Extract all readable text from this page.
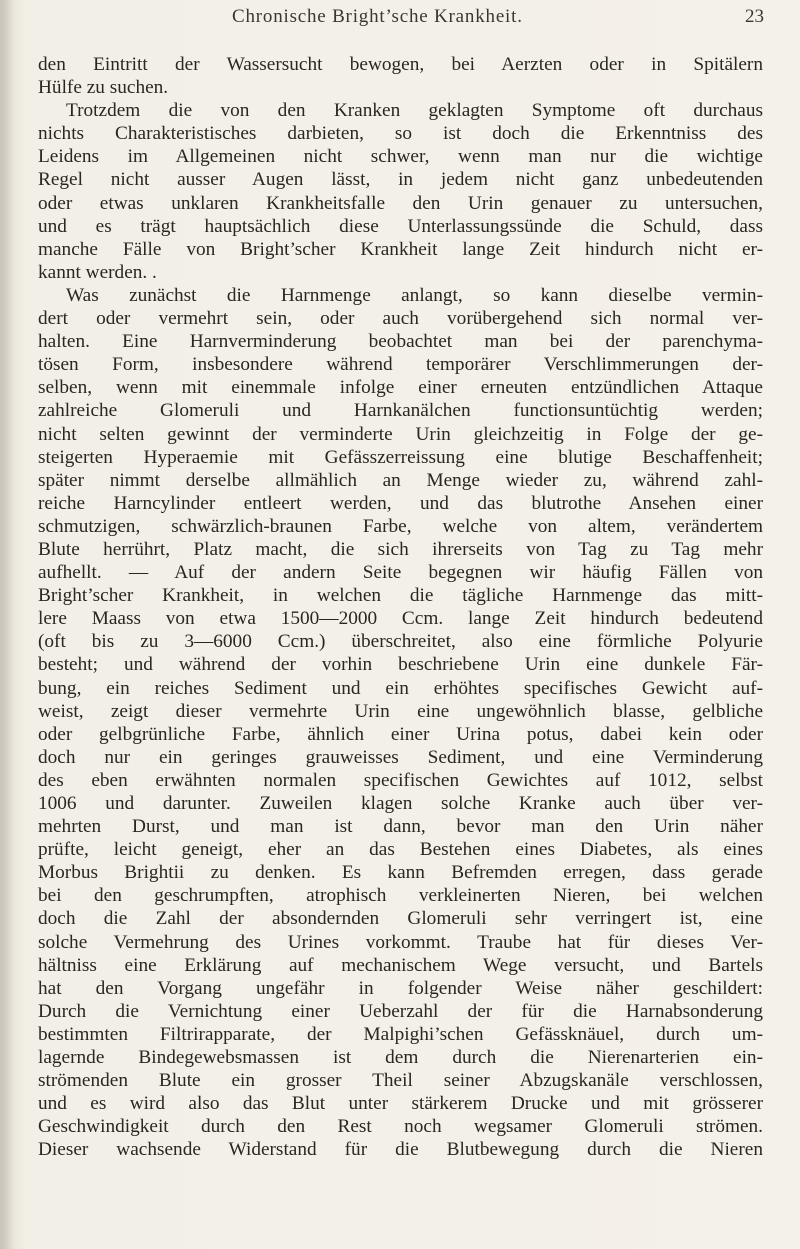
Chronische Bright’sche Krankheit.	23
den Eintritt der Wassersucht bewogen, bei Aerzten oder in Spitälern
Hülfe zu suchen.
Trotzdem die von den Kranken geklagten Symptome oft durchaus
nichts Charakteristisches darbieten, so ist doch die Erkenntniss des
Leidens im Allgemeinen nicht schwer, wenn man nur die wichtige
Regel nicht ausser Augen lässt, in jedem nicht ganz unbedeutenden
oder etwas unklaren Krankheitsfalle den Urin genauer zu untersuchen,
und es trägt hauptsächlich diese Unterlassungssünde die Schuld, dass
manche Fälle von Bright’scher Krankheit lange Zeit hindurch nicht er-
kannt werden. .
Was zunächst die Harnmenge anlangt, so kann dieselbe vermin-
dert oder vermehrt sein, oder auch vorübergehend sich normal ver-
halten. Eine Harnverminderung beobachtet man bei der parenchyma-
tösen Form, insbesondere während temporärer Verschlimmerungen der-
selben, wenn mit einemmale infolge einer erneuten entzündlichen Attaque
zahlreiche Glomeruli und Harnkanälchen functionsuntüchtig werden;
nicht selten gewinnt der verminderte Urin gleichzeitig in Folge der ge-
steigerten Hyperaemie mit Gefässzerreissung eine blutige Beschaffenheit;
später nimmt derselbe allmählich an Menge wieder zu, während zahl-
reiche Harncylinder entleert werden, und das blutrothe Ansehen einer
schmutzigen, schwärzlich-braunen Farbe, welche von altem, verändertem
Blute herrührt, Platz macht, die sich ihrerseits von Tag zu Tag mehr
aufhellt. — Auf der andern Seite begegnen wir häufig Fällen von
Bright’scher Krankheit, in welchen die tägliche Harnmenge das mitt-
lere Maass von etwa 1500—2000 Ccm. lange Zeit hindurch bedeutend
(oft bis zu 3—6000 Ccm.) überschreitet, also eine förmliche Polyurie
besteht; und während der vorhin beschriebene Urin eine dunkele Fär-
bung, ein reiches Sediment und ein erhöhtes specifisches Gewicht auf-
weist, zeigt dieser vermehrte Urin eine ungewöhnlich blasse, gelbliche
oder gelbgrünliche Farbe, ähnlich einer Urina potus, dabei kein oder
doch nur ein geringes grauweisses Sediment, und eine Verminderung
des eben erwähnten normalen specifischen Gewichtes auf 1012, selbst
1006 und darunter. Zuweilen klagen solche Kranke auch über ver-
mehrten Durst, und man ist dann, bevor man den Urin näher
prüfte, leicht geneigt, eher an das Bestehen eines Diabetes, als eines
Morbus Brightii zu denken. Es kann Befremden erregen, dass gerade
bei den geschrumpften, atrophisch verkleinerten Nieren, bei welchen
doch die Zahl der absondernden Glomeruli sehr verringert ist, eine
solche Vermehrung des Urines vorkommt. Traube hat für dieses Ver-
hältniss eine Erklärung auf mechanischem Wege versucht, und Bartels
hat den Vorgang ungefähr in folgender Weise näher geschildert:
Durch die Vernichtung einer Ueberzahl der für die Harnabsonderung
bestimmten Filtrirapparate, der Malpighi’schen Gefässknäuel, durch um-
lagernde Bindegewebsmassen ist dem durch die Nierenarterien ein-
strömenden Blute ein grosser Theil seiner Abzugskanäle verschlossen,
und es wird also das Blut unter stärkerem Drucke und mit grösserer
Geschwindigkeit durch den Rest noch wegsamer Glomeruli strömen.
Dieser wachsende Widerstand für die Blutbewegung durch die Nieren
